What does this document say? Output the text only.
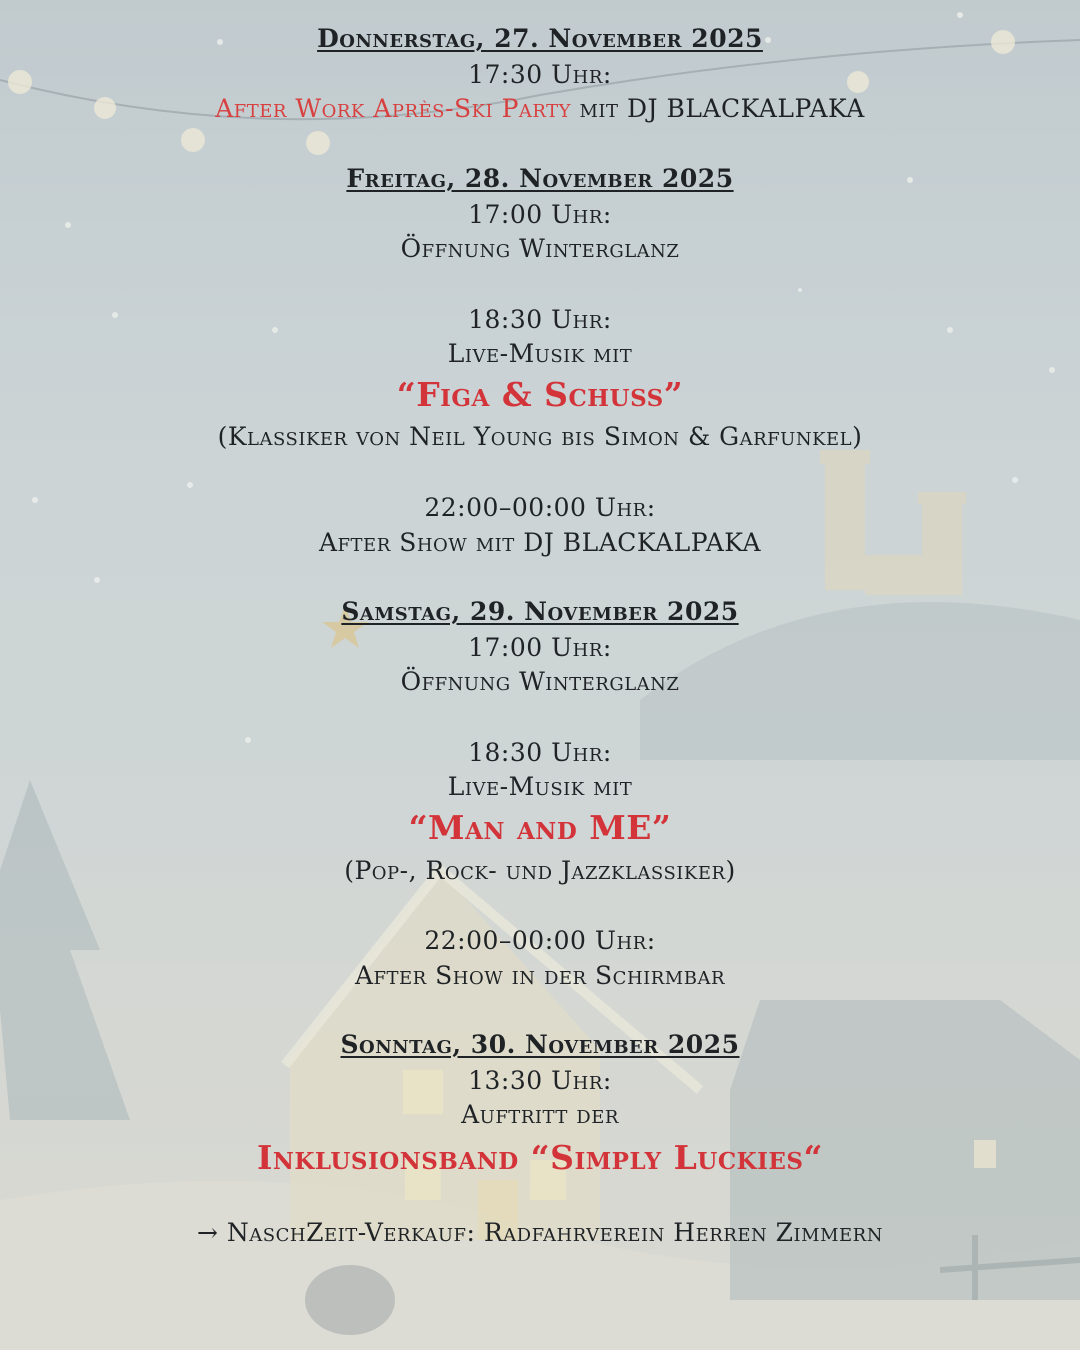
Donnerstag, 27. November 2025
17:30 Uhr:
After Work Après-Ski Party mit DJ BLACKALPAKA
Freitag, 28. November 2025
17:00 Uhr:
Öffnung Winterglanz
18:30 Uhr:
Live-Musik mit
“Figa & Schuss”
(Klassiker von Neil Young bis Simon & Garfunkel)
22:00–00:00 Uhr:
After Show mit DJ BLACKALPAKA
Samstag, 29. November 2025
17:00 Uhr:
Öffnung Winterglanz
18:30 Uhr:
Live-Musik mit
“Man and ME”
(Pop-, Rock- und Jazzklassiker)
22:00–00:00 Uhr:
After Show in der Schirmbar
Sonntag, 30. November 2025
13:30 Uhr:
Auftritt der
Inklusionsband “Simply Luckies“
→ NaschZeit-Verkauf: Radfahrverein Herren Zimmern
